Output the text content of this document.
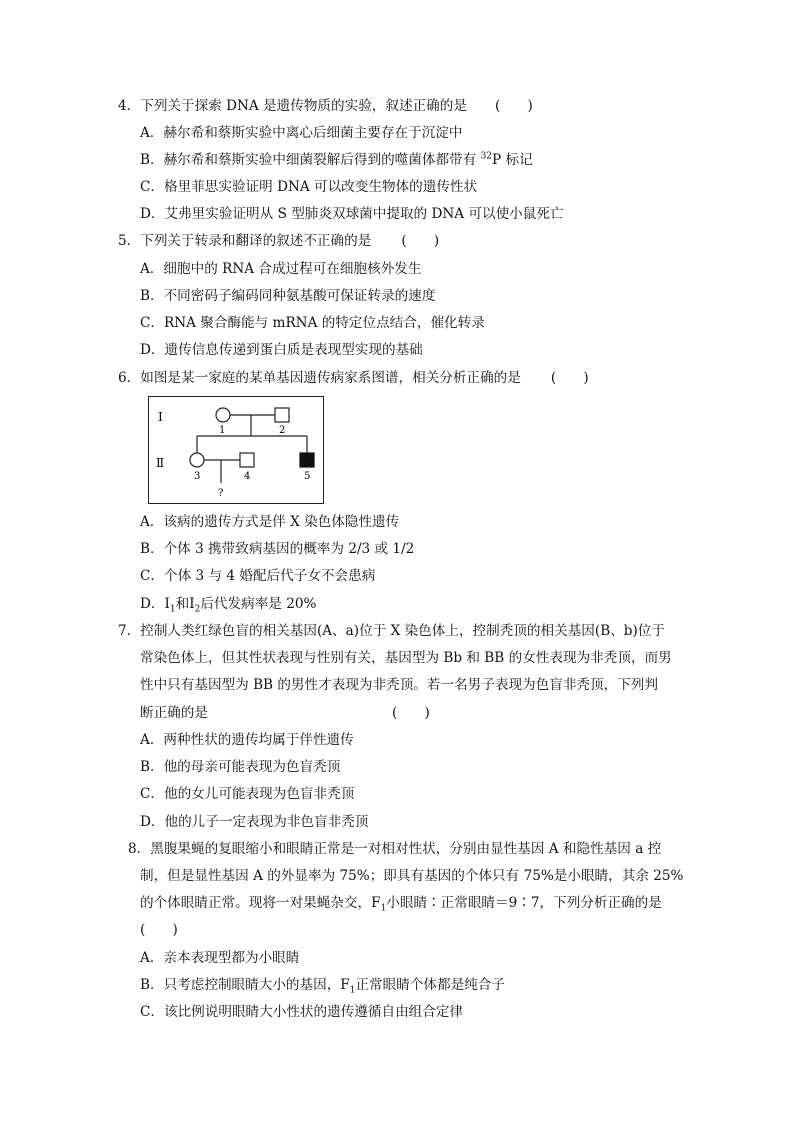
4．下列关于探索 DNA 是遗传物质的实验，叙述正确的是 (　　)
A．赫尔希和蔡斯实验中离心后细菌主要存在于沉淀中
B．赫尔希和蔡斯实验中细菌裂解后得到的噬菌体都带有 $^{32}$P 标记
C．格里菲思实验证明 DNA 可以改变生物体的遗传性状
D．艾弗里实验证明从 S 型肺炎双球菌中提取的 DNA 可以使小鼠死亡
5．下列关于转录和翻译的叙述不正确的是 (　　)
A．细胞中的 RNA 合成过程可在细胞核外发生
B．不同密码子编码同种氨基酸可保证转录的速度
C．RNA 聚合酶能与 mRNA 的特定位点结合，催化转录
D．遗传信息传递到蛋白质是表现型实现的基础
6．如图是某一家庭的某单基因遗传病家系图谱，相关分析正确的是 (　　)
Ⅰ
Ⅱ
1	2
3	4	5
?
A．该病的遗传方式是伴 X 染色体隐性遗传
B．个体 3 携带致病基因的概率为 2/3 或 1/2
C．个体 3 与 4 婚配后代子女不会患病
D．$Ⅰ_1$和$Ⅰ_2$后代发病率是 20%
7．控制人类红绿色盲的相关基因(A、a)位于 X 染色体上，控制秃顶的相关基因(B、b)位于
常染色体上，但其性状表现与性别有关，基因型为 Bb 和 BB 的女性表现为非秃顶，而男
性中只有基因型为 BB 的男性才表现为非秃顶。若一名男子表现为色盲非秃顶，下列判
断正确的是	(　　)
A．两种性状的遗传均属于伴性遗传
B．他的母亲可能表现为色盲秃顶
C．他的女儿可能表现为色盲非秃顶
D．他的儿子一定表现为非色盲非秃顶
8．黑腹果蝇的复眼缩小和眼睛正常是一对相对性状，分别由显性基因 A 和隐性基因 a 控
制，但是显性基因 A 的外显率为 75%；即具有基因的个体只有 75%是小眼睛，其余 25%
的个体眼睛正常。现将一对果蝇杂交，$F_1$小眼睛∶正常眼睛＝9∶7，下列分析正确的是
(　　)
A．亲本表现型都为小眼睛
B．只考虑控制眼睛大小的基因，$F_1$正常眼睛个体都是纯合子
C．该比例说明眼睛大小性状的遗传遵循自由组合定律
